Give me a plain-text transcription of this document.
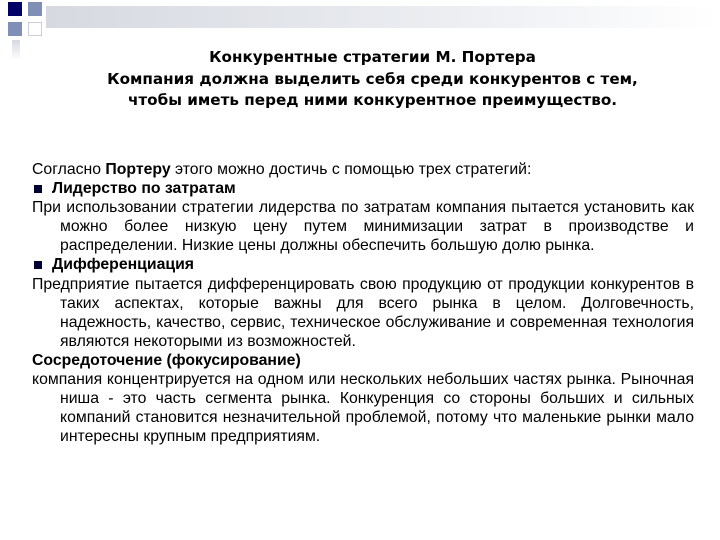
Конкурентные стратегии М. Портера
Компания должна выделить себя среди конкурентов с тем,
чтобы иметь перед ними конкурентное преимущество.

Согласно Портеру этого можно достичь с помощью трех стратегий:

Лидерство по затратам

При использовании стратегии лидерства по затратам компания пытается установить как можно более низкую цену путем минимизации затрат в производстве и распределении. Низкие цены должны обеспечить большую долю рынка.

Дифференциация

Предприятие пытается дифференцировать свою продукцию от продукции конкурентов в таких аспектах, которые важны для всего рынка в целом. Долговечность, надежность, качество, сервис, техническое обслуживание и современная технология являются некоторыми из возможностей.

Сосредоточение (фокусирование)

компания концентрируется на одном или нескольких небольших частях рынка. Рыночная ниша - это часть сегмента рынка. Конкуренция со стороны больших и сильных компаний становится незначительной проблемой, потому что маленькие рынки мало интересны крупным предприятиям.
